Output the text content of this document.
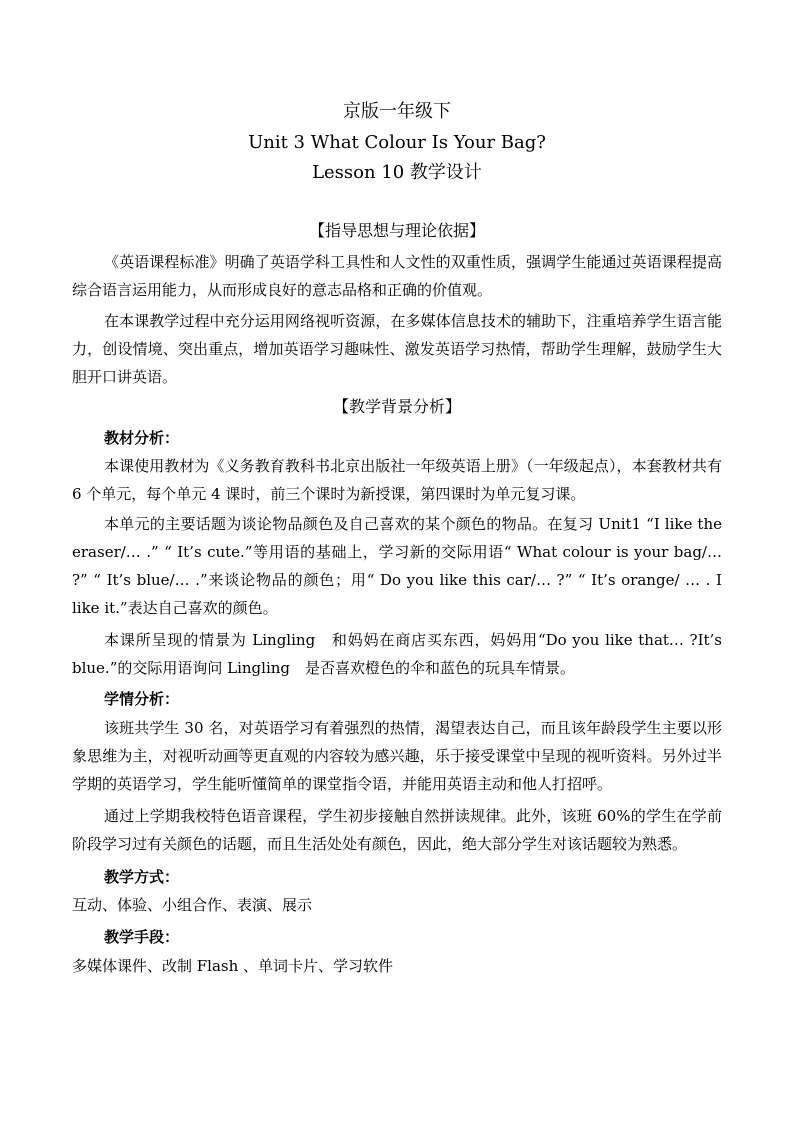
京版一年级下
Unit 3 What Colour Is Your Bag?
Lesson 10 教学设计
【指导思想与理论依据】

《英语课程标准》明确了英语学科工具性和人文性的双重性质，强调学生能通过英语课程提高综合语言运用能力，从而形成良好的意志品格和正确的价值观。

在本课教学过程中充分运用网络视听资源，在多媒体信息技术的辅助下，注重培养学生语言能力，创设情境、突出重点，增加英语学习趣味性、激发英语学习热情，帮助学生理解，鼓励学生大胆开口讲英语。

【教学背景分析】
教材分析：

本课使用教材为《义务教育教科书北京出版社一年级英语上册》（一年级起点），本套教材共有 6 个单元，每个单元 4 课时，前三个课时为新授课，第四课时为单元复习课。

本单元的主要话题为谈论物品颜色及自己喜欢的某个颜色的物品。在复习 Unit1 “I like the eraser/… .” “ It’s cute.”等用语的基础上，学习新的交际用语“ What colour is your bag/… ?” “ It’s blue/… .”来谈论物品的颜色；用“ Do you like this car/… ?” “ It’s orange/ … . I like it.”表达自己喜欢的颜色。

本课所呈现的情景为 Lingling　和妈妈在商店买东西，妈妈用“Do you like that… ?It’s blue.”的交际用语询问 Lingling　是否喜欢橙色的伞和蓝色的玩具车情景。

学情分析：

该班共学生 30 名，对英语学习有着强烈的热情，渴望表达自己，而且该年龄段学生主要以形象思维为主，对视听动画等更直观的内容较为感兴趣，乐于接受课堂中呈现的视听资料。另外过半学期的英语学习，学生能听懂简单的课堂指令语，并能用英语主动和他人打招呼。

通过上学期我校特色语音课程，学生初步接触自然拼读规律。此外，该班 60%的学生在学前阶段学习过有关颜色的话题，而且生活处处有颜色，因此，绝大部分学生对该话题较为熟悉。

教学方式：
互动、体验、小组合作、表演、展示
教学手段：
多媒体课件、改制 Flash 、单词卡片、学习软件
